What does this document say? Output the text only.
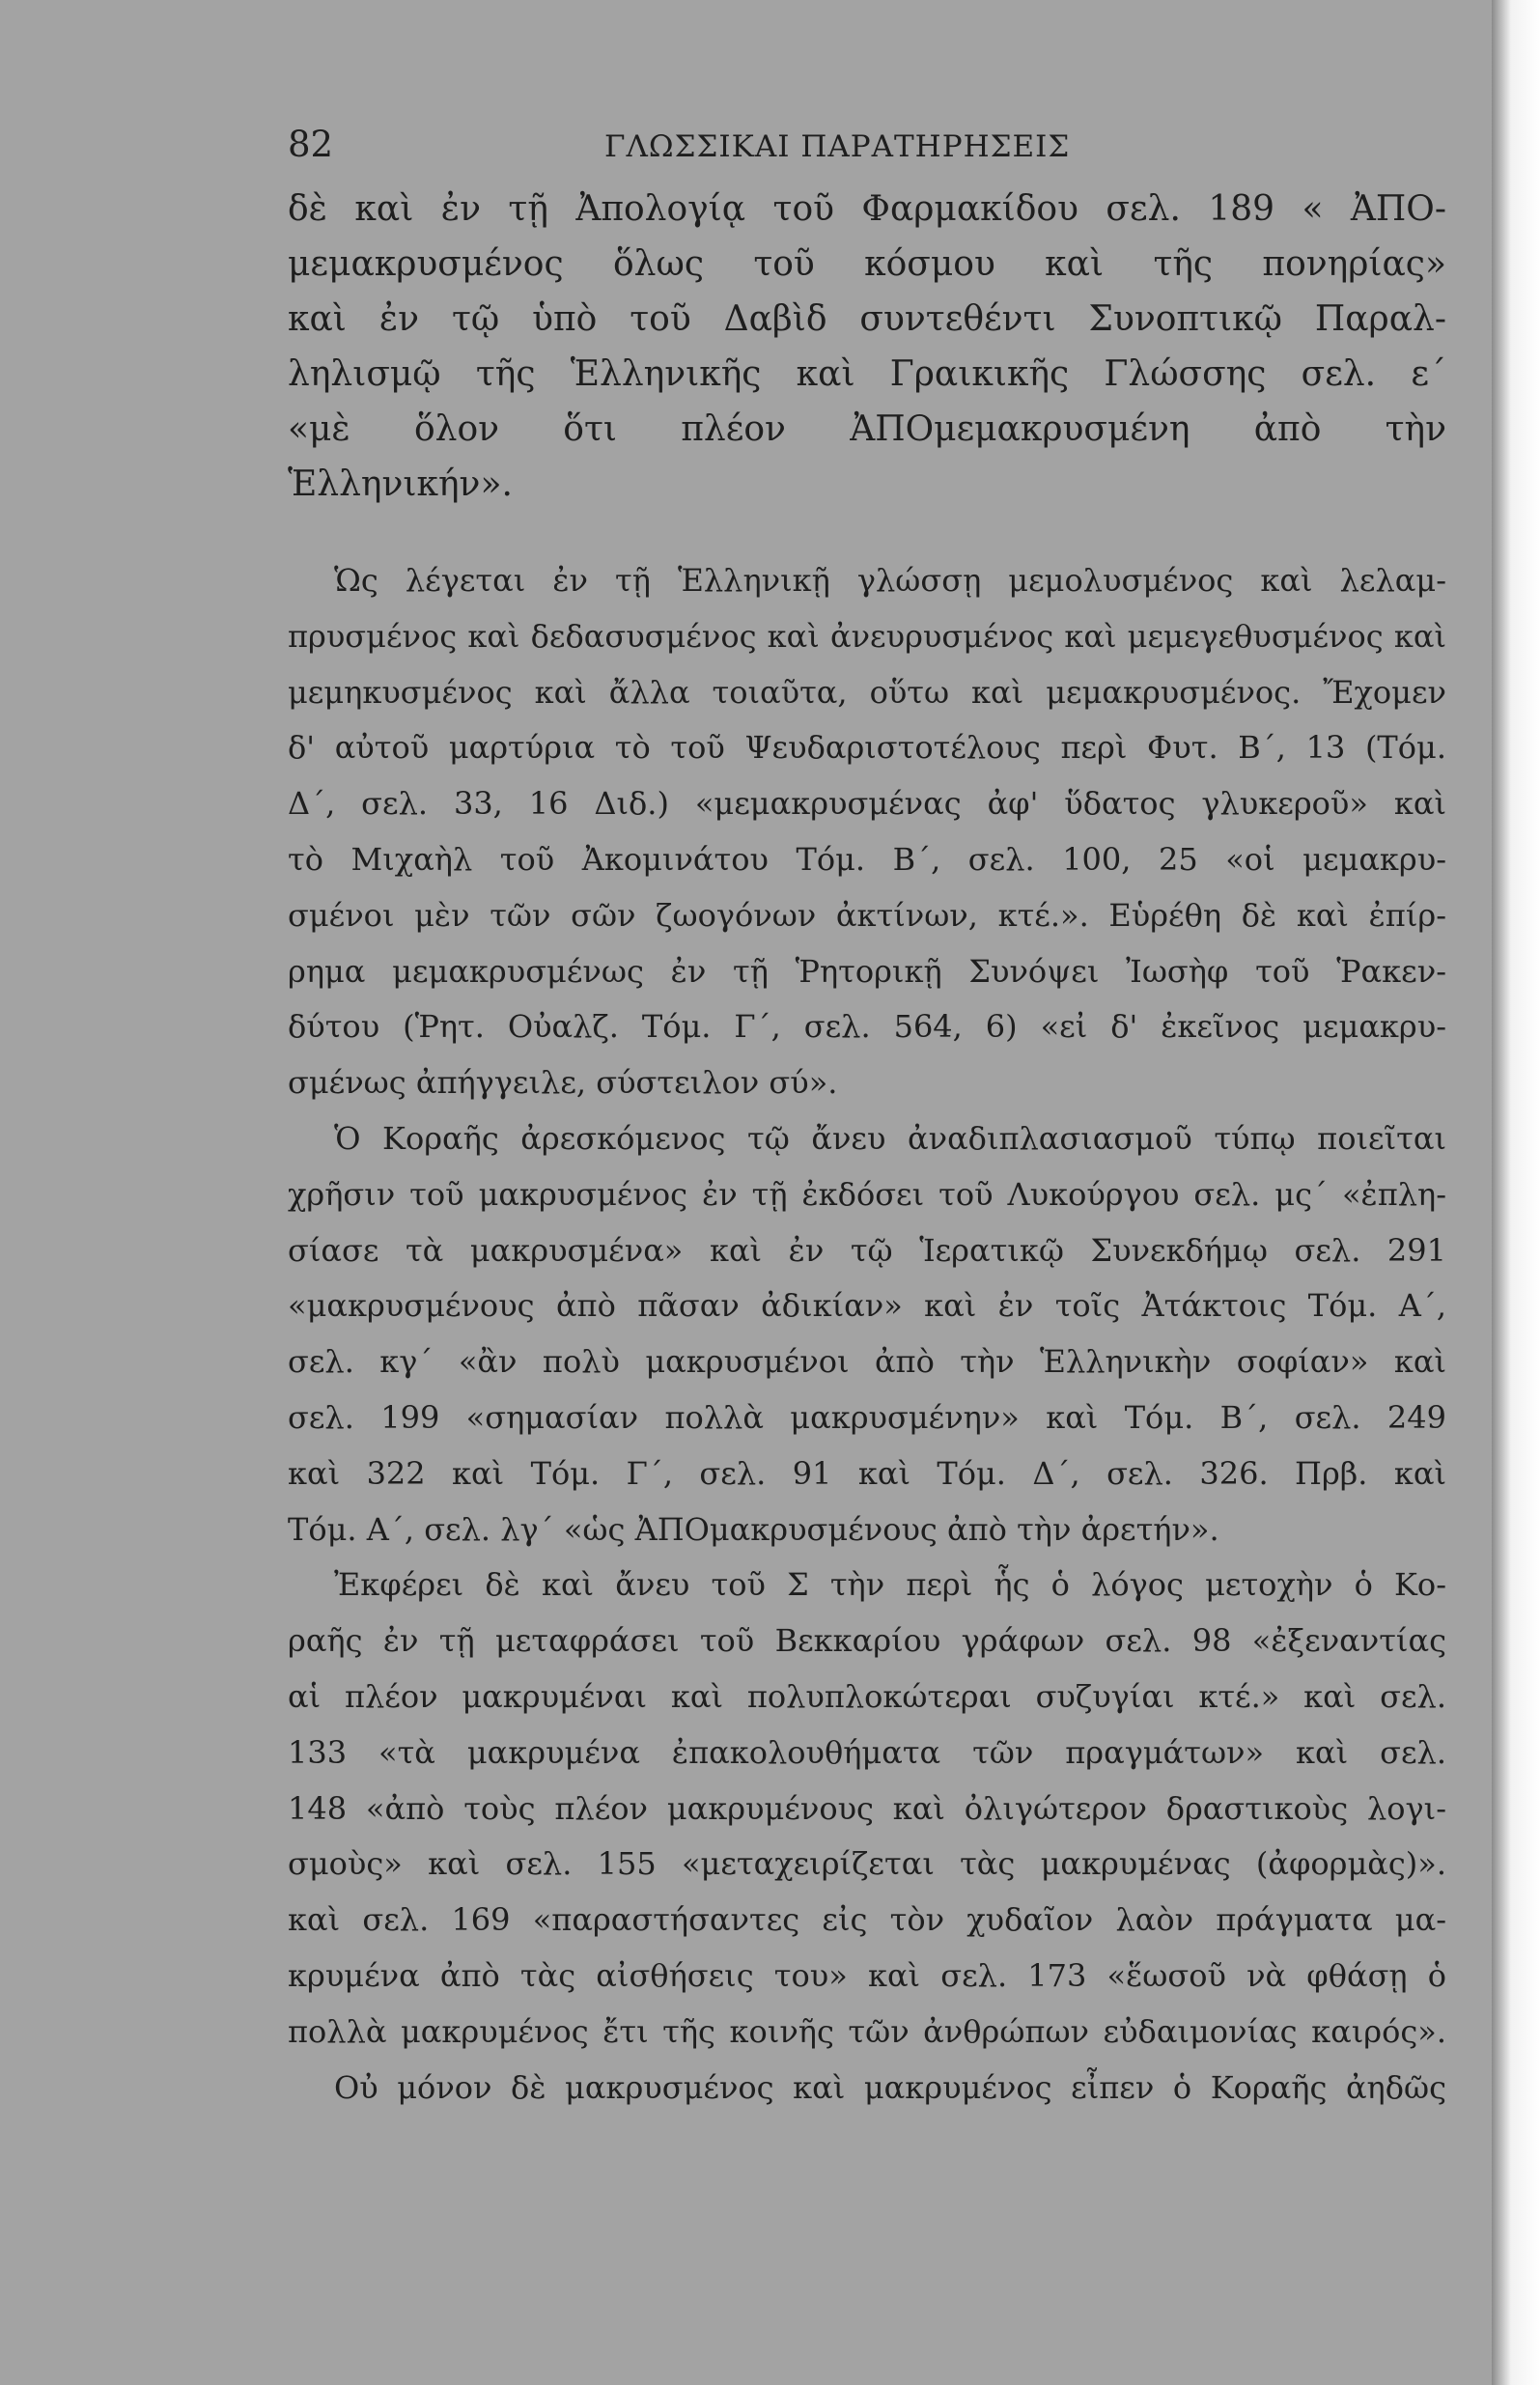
82	ΓΛΩΣΣΙΚΑΙ ΠΑΡΑΤΗΡΗΣΕΙΣ
δὲ καὶ ἐν τῇ Ἀπολογίᾳ τοῦ Φαρμακίδου σελ. 189 « ἈΠΟ-
μεμακρυσμένος ὅλως τοῦ κόσμου καὶ τῆς πονηρίας»
καὶ ἐν τῷ ὑπὸ τοῦ Δαβὶδ συντεθέντι Συνοπτικῷ Παραλ-
ληλισμῷ τῆς Ἑλληνικῆς καὶ Γραικικῆς Γλώσσης σελ. ε΄
«μὲ ὅλον ὅτι πλέον ἈΠΟμεμακρυσμένη ἀπὸ τὴν
Ἑλληνικήν».
Ὡς λέγεται ἐν τῇ Ἑλληνικῇ γλώσσῃ μεμολυσμένος καὶ λελαμ-
πρυσμένος καὶ δεδασυσμένος καὶ ἀνευρυσμένος καὶ μεμεγεθυσμένος καὶ
μεμηκυσμένος καὶ ἄλλα τοιαῦτα, οὕτω καὶ μεμακρυσμένος. Ἔχομεν
δ' αὐτοῦ μαρτύρια τὸ τοῦ Ψευδαριστοτέλους περὶ Φυτ. Β΄, 13 (Τόμ.
Δ΄, σελ. 33, 16 Διδ.) «μεμακρυσμένας ἀφ' ὕδατος γλυκεροῦ» καὶ
τὸ Μιχαὴλ τοῦ Ἀκομινάτου Τόμ. Β΄, σελ. 100, 25 «οἱ μεμακρυ-
σμένοι μὲν τῶν σῶν ζωογόνων ἀκτίνων, κτέ.». Εὑρέθη δὲ καὶ ἐπίρ-
ρημα μεμακρυσμένως ἐν τῇ Ῥητορικῇ Συνόψει Ἰωσὴφ τοῦ Ῥακεν-
δύτου (Ῥητ. Οὐαλζ. Τόμ. Γ΄, σελ. 564, 6) «εἰ δ' ἐκεῖνος μεμακρυ-
σμένως ἀπήγγειλε, σύστειλον σύ».
Ὁ Κοραῆς ἀρεσκόμενος τῷ ἄνευ ἀναδιπλασιασμοῦ τύπῳ ποιεῖται
χρῆσιν τοῦ μακρυσμένος ἐν τῇ ἐκδόσει τοῦ Λυκούργου σελ. μς΄ «ἐπλη-
σίασε τὰ μακρυσμένα» καὶ ἐν τῷ Ἱερατικῷ Συνεκδήμῳ σελ. 291
«μακρυσμένους ἀπὸ πᾶσαν ἀδικίαν» καὶ ἐν τοῖς Ἀτάκτοις Τόμ. Α΄,
σελ. κγ΄ «ἂν πολὺ μακρυσμένοι ἀπὸ τὴν Ἑλληνικὴν σοφίαν» καὶ
σελ. 199 «σημασίαν πολλὰ μακρυσμένην» καὶ Τόμ. Β΄, σελ. 249
καὶ 322 καὶ Τόμ. Γ΄, σελ. 91 καὶ Τόμ. Δ΄, σελ. 326. Πρβ. καὶ
Τόμ. Α΄, σελ. λγ΄ «ὡς ἈΠΟμακρυσμένους ἀπὸ τὴν ἀρετήν».
Ἐκφέρει δὲ καὶ ἄνευ τοῦ Σ τὴν περὶ ἧς ὁ λόγος μετοχὴν ὁ Κο-
ραῆς ἐν τῇ μεταφράσει τοῦ Βεκκαρίου γράφων σελ. 98 «ἐξεναντίας
αἱ πλέον μακρυμέναι καὶ πολυπλοκώτεραι συζυγίαι κτέ.» καὶ σελ.
133 «τὰ μακρυμένα ἐπακολουθήματα τῶν πραγμάτων» καὶ σελ.
148 «ἀπὸ τοὺς πλέον μακρυμένους καὶ ὀλιγώτερον δραστικοὺς λογι-
σμοὺς» καὶ σελ. 155 «μεταχειρίζεται τὰς μακρυμένας (ἀφορμὰς)».
καὶ σελ. 169 «παραστήσαντες εἰς τὸν χυδαῖον λαὸν πράγματα μα-
κρυμένα ἀπὸ τὰς αἰσθήσεις του» καὶ σελ. 173 «ἕωσοῦ νὰ φθάσῃ ὁ
πολλὰ μακρυμένος ἔτι τῆς κοινῆς τῶν ἀνθρώπων εὐδαιμονίας καιρός».
Οὐ μόνον δὲ μακρυσμένος καὶ μακρυμένος εἶπεν ὁ Κοραῆς ἀηδῶς
